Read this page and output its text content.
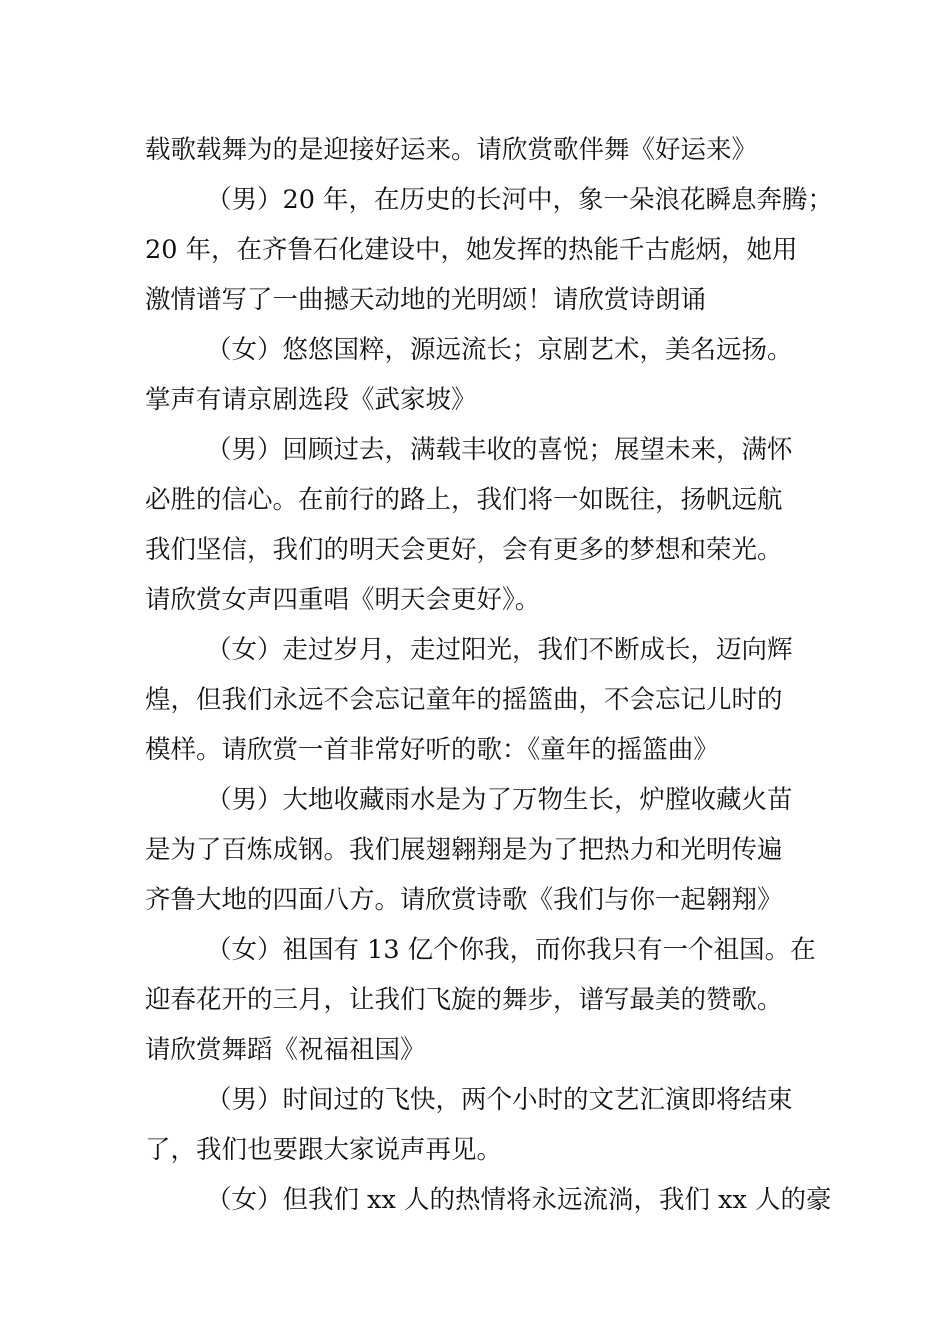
载歌载舞为的是迎接好运来。请欣赏歌伴舞《好运来》
（男）20 年，在历史的长河中，象一朵浪花瞬息奔腾；
20 年，在齐鲁石化建设中，她发挥的热能千古彪炳，她用
激情谱写了一曲撼天动地的光明颂！请欣赏诗朗诵
（女）悠悠国粹，源远流长；京剧艺术，美名远扬。
掌声有请京剧选段《武家坡》
（男）回顾过去，满载丰收的喜悦；展望未来，满怀
必胜的信心。在前行的路上，我们将一如既往，扬帆远航
我们坚信，我们的明天会更好，会有更多的梦想和荣光。
请欣赏女声四重唱《明天会更好》。
（女）走过岁月，走过阳光，我们不断成长，迈向辉
煌，但我们永远不会忘记童年的摇篮曲，不会忘记儿时的
模样。请欣赏一首非常好听的歌：《童年的摇篮曲》
（男）大地收藏雨水是为了万物生长，炉膛收藏火苗
是为了百炼成钢。我们展翅翱翔是为了把热力和光明传遍
齐鲁大地的四面八方。请欣赏诗歌《我们与你一起翱翔》
（女）祖国有 13 亿个你我，而你我只有一个祖国。在
迎春花开的三月，让我们飞旋的舞步，谱写最美的赞歌。
请欣赏舞蹈《祝福祖国》
（男）时间过的飞快，两个小时的文艺汇演即将结束
了，我们也要跟大家说声再见。
（女）但我们 xx 人的热情将永远流淌，我们 xx 人的豪
